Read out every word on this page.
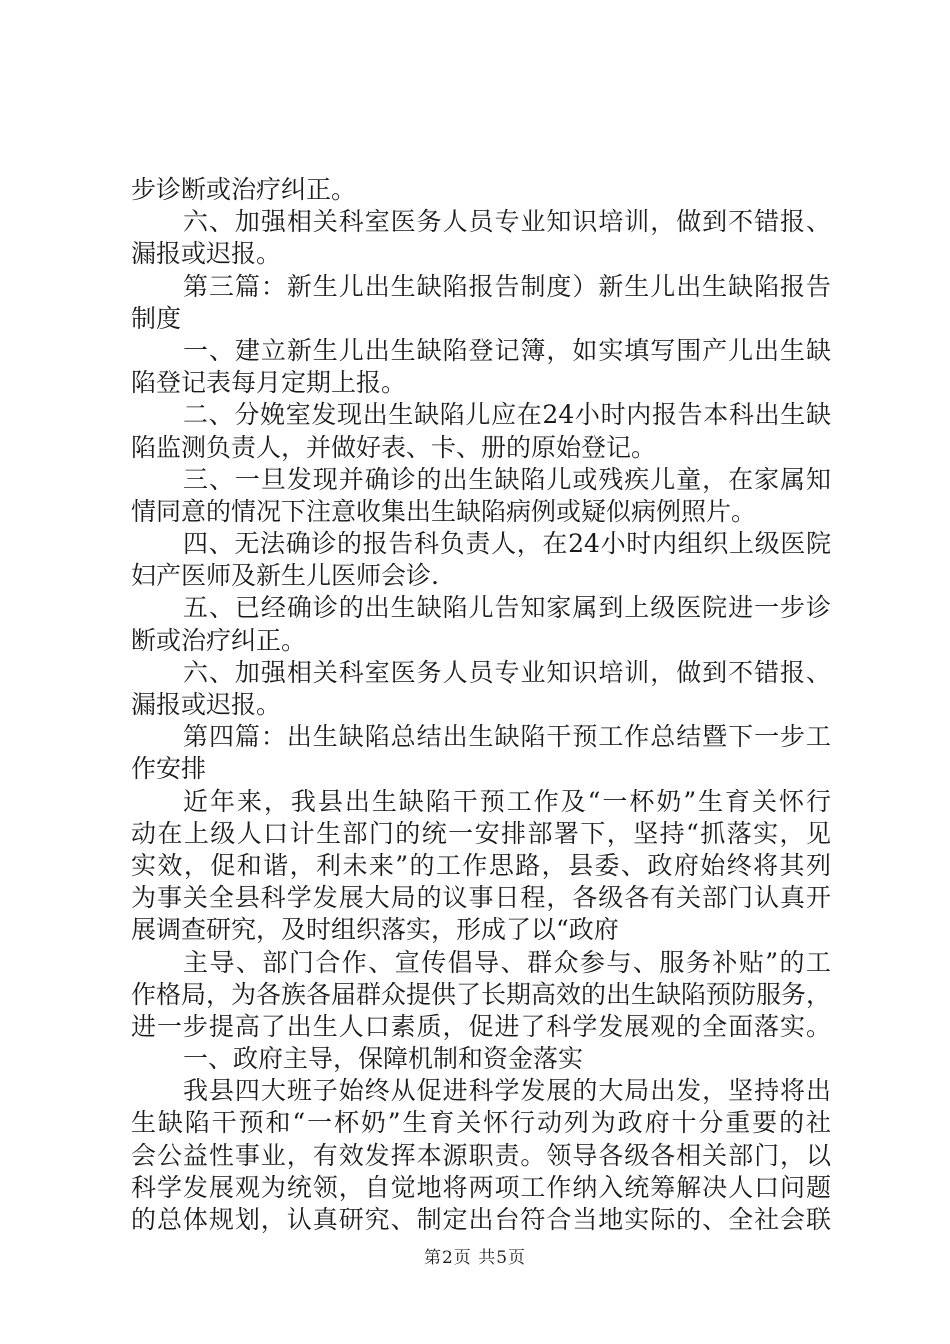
步诊断或治疗纠正。
六、加强相关科室医务人员专业知识培训，做到不错报、
漏报或迟报。
第三篇：新生儿出生缺陷报告制度）新生儿出生缺陷报告
制度
一、建立新生儿出生缺陷登记簿，如实填写围产儿出生缺
陷登记表每月定期上报。
二、分娩室发现出生缺陷儿应在24小时内报告本科出生缺
陷监测负责人，并做好表、卡、册的原始登记。
三、一旦发现并确诊的出生缺陷儿或残疾儿童，在家属知
情同意的情况下注意收集出生缺陷病例或疑似病例照片。
四、无法确诊的报告科负责人，在24小时内组织上级医院
妇产医师及新生儿医师会诊.
五、已经确诊的出生缺陷儿告知家属到上级医院进一步诊
断或治疗纠正。
六、加强相关科室医务人员专业知识培训，做到不错报、
漏报或迟报。
第四篇：出生缺陷总结出生缺陷干预工作总结暨下一步工
作安排
近年来，我县出生缺陷干预工作及“一杯奶”生育关怀行
动在上级人口计生部门的统一安排部署下，坚持“抓落实，见
实效，促和谐，利未来”的工作思路，县委、政府始终将其列
为事关全县科学发展大局的议事日程，各级各有关部门认真开
展调查研究，及时组织落实，形成了以“政府
主导、部门合作、宣传倡导、群众参与、服务补贴”的工
作格局，为各族各届群众提供了长期高效的出生缺陷预防服务，
进一步提高了出生人口素质，促进了科学发展观的全面落实。
一、政府主导，保障机制和资金落实
我县四大班子始终从促进科学发展的大局出发，坚持将出
生缺陷干预和“一杯奶”生育关怀行动列为政府十分重要的社
会公益性事业，有效发挥本源职责。领导各级各相关部门，以
科学发展观为统领，自觉地将两项工作纳入统筹解决人口问题
的总体规划，认真研究、制定出台符合当地实际的、全社会联
第2页 共5页
